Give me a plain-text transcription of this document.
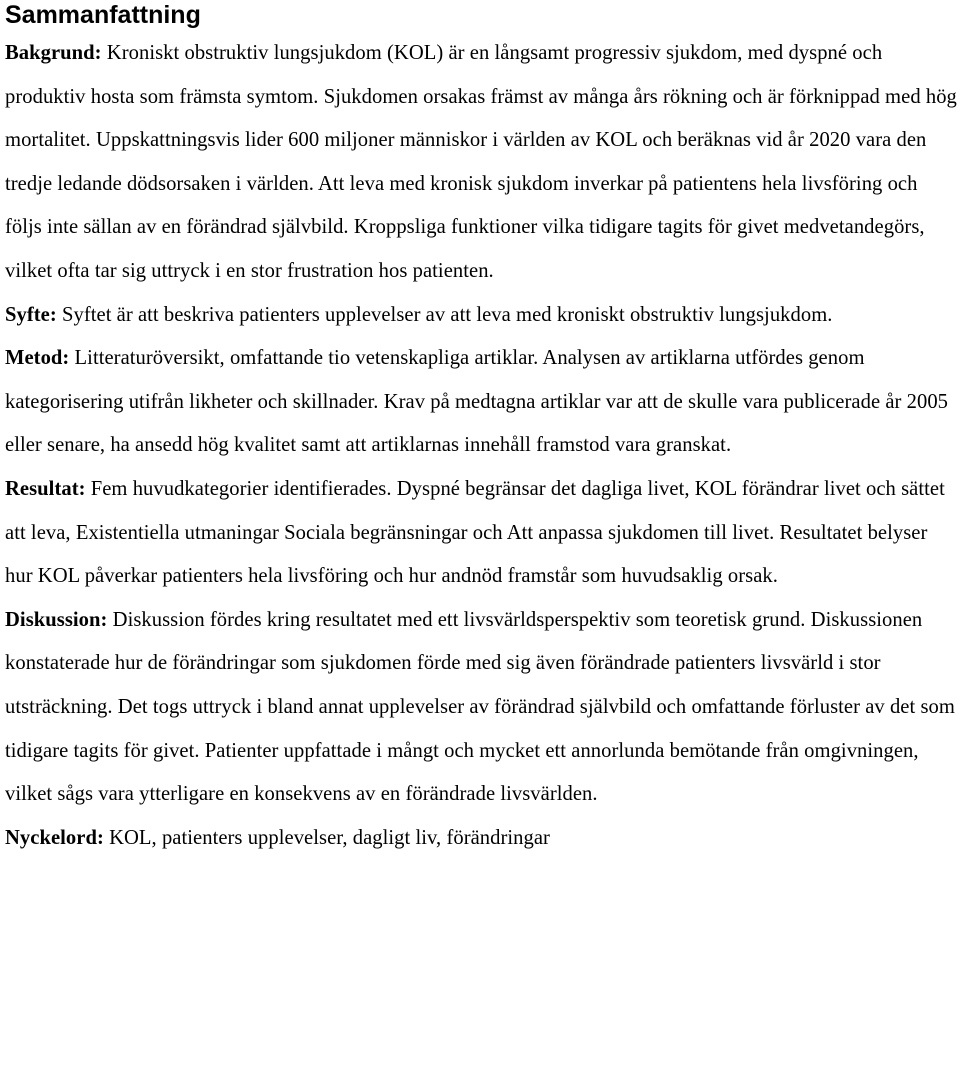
Sammanfattning

Bakgrund: Kroniskt obstruktiv lungsjukdom (KOL) är en långsamt progressiv sjukdom, med dyspné och produktiv hosta som främsta symtom. Sjukdomen orsakas främst av många års rökning och är förknippad med hög mortalitet. Uppskattningsvis lider 600 miljoner människor i världen av KOL och beräknas vid år 2020 vara den tredje ledande dödsorsaken i världen. Att leva med kronisk sjukdom inverkar på patientens hela livsföring och följs inte sällan av en förändrad självbild. Kroppsliga funktioner vilka tidigare tagits för givet medvetandegörs, vilket ofta tar sig uttryck i en stor frustration hos patienten.

Syfte: Syftet är att beskriva patienters upplevelser av att leva med kroniskt obstruktiv lungsjukdom.

Metod: Litteraturöversikt, omfattande tio vetenskapliga artiklar. Analysen av artiklarna utfördes genom kategorisering utifrån likheter och skillnader. Krav på medtagna artiklar var att de skulle vara publicerade år 2005 eller senare, ha ansedd hög kvalitet samt att artiklarnas innehåll framstod vara granskat.

Resultat: Fem huvudkategorier identifierades. Dyspné begränsar det dagliga livet, KOL förändrar livet och sättet att leva, Existentiella utmaningar Sociala begränsningar och Att anpassa sjukdomen till livet. Resultatet belyser hur KOL påverkar patienters hela livsföring och hur andnöd framstår som huvudsaklig orsak.

Diskussion: Diskussion fördes kring resultatet med ett livsvärldsperspektiv som teoretisk grund. Diskussionen konstaterade hur de förändringar som sjukdomen förde med sig även förändrade patienters livsvärld i stor utsträckning. Det togs uttryck i bland annat upplevelser av förändrad självbild och omfattande förluster av det som tidigare tagits för givet. Patienter uppfattade i mångt och mycket ett annorlunda bemötande från omgivningen, vilket sågs vara ytterligare en konsekvens av en förändrade livsvärlden.

Nyckelord: KOL, patienters upplevelser, dagligt liv, förändringar
